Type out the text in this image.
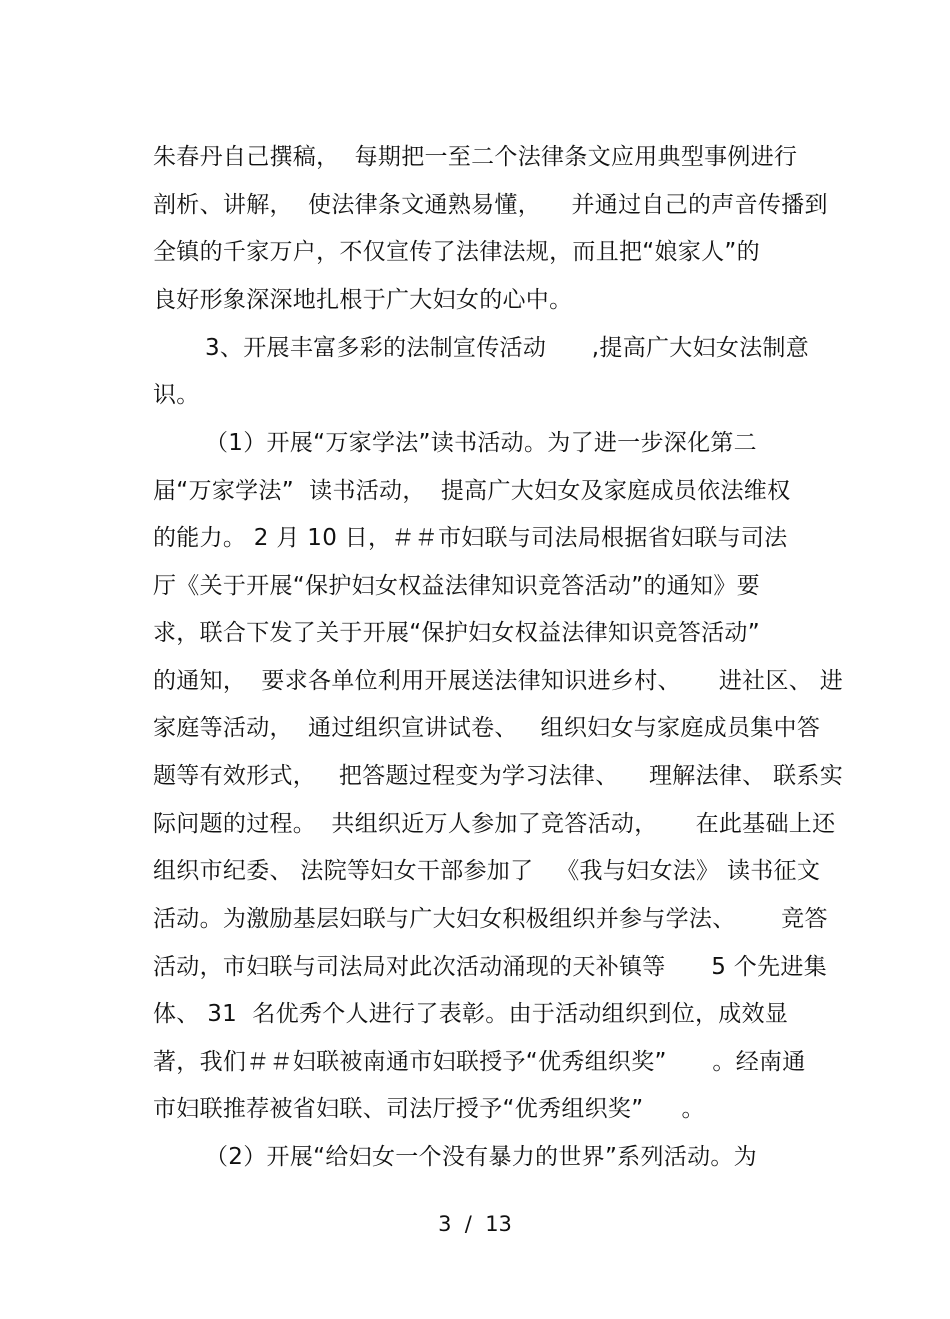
朱春丹自己撰稿，  每期把一至二个法律条文应用典型事例进行
剖析、讲解，  使法律条文通熟易懂，    并通过自己的声音传播到
全镇的千家万户，不仅宣传了法律法规，而且把“娘家人”的
良好形象深深地扎根于广大妇女的心中。
3、开展丰富多彩的法制宣传活动      ,提高广大妇女法制意
识。
（1）开展“万家学法”读书活动。为了进一步深化第二
届“万家学法”  读书活动，  提高广大妇女及家庭成员依法维权
的能力。 2 月 10 日，＃＃市妇联与司法局根据省妇联与司法
厅《关于开展“保护妇女权益法律知识竞答活动”的通知》要
求，联合下发了关于开展“保护妇女权益法律知识竞答活动”
的通知，  要求各单位利用开展送法律知识进乡村、     进社区、 进
家庭等活动，  通过组织宣讲试卷、   组织妇女与家庭成员集中答
题等有效形式，   把答题过程变为学习法律、    理解法律、 联系实
际问题的过程。  共组织近万人参加了竞答活动，     在此基础上还
组织市纪委、 法院等妇女干部参加了   《我与妇女法》 读书征文
活动。为激励基层妇联与广大妇女积极组织并参与学法、      竞答
活动，市妇联与司法局对此次活动涌现的天补镇等      5 个先进集
体、 31  名优秀个人进行了表彰。由于活动组织到位，成效显
著，我们＃＃妇联被南通市妇联授予“优秀组织奖”      。经南通
市妇联推荐被省妇联、司法厅授予“优秀组织奖”     。
（2）开展“给妇女一个没有暴力的世界”系列活动。为
3  /  13
